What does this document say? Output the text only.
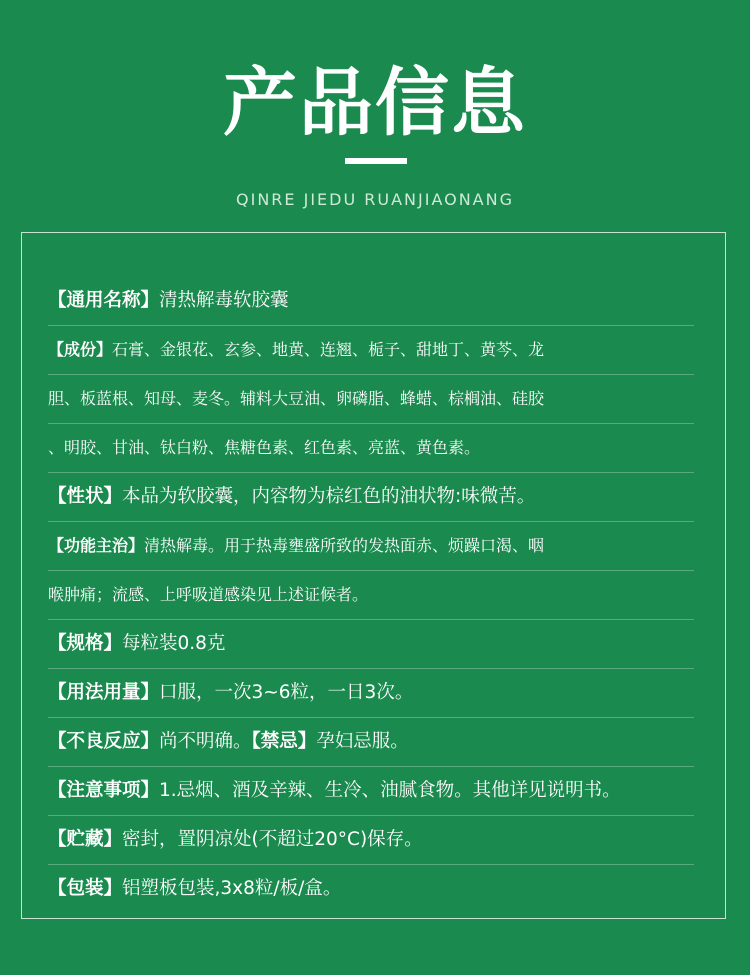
产品信息
QINRE JIEDU RUANJIAONANG
【通用名称】清热解毒软胶囊
【成份】石膏、金银花、玄参、地黄、连翘、栀子、甜地丁、黄芩、龙
胆、板蓝根、知母、麦冬。辅料大豆油、卵磷脂、蜂蜡、棕榈油、硅胶
、明胶、甘油、钛白粉、焦糖色素、红色素、亮蓝、黄色素。
【性状】本品为软胶囊，内容物为棕红色的油状物:味微苦。
【功能主治】清热解毒。用于热毒壅盛所致的发热面赤、烦躁口渴、咽
喉肿痛；流感、上呼吸道感染见上述证候者。
【规格】每粒装0.8克
【用法用量】口服，一次3~6粒，一日3次。
【不良反应】尚不明确。【禁忌】孕妇忌服。
【注意事项】1.忌烟、酒及辛辣、生冷、油腻食物。其他详见说明书。
【贮藏】密封，置阴凉处(不超过20°C)保存。
【包装】铝塑板包装,3x8粒/板/盒。
